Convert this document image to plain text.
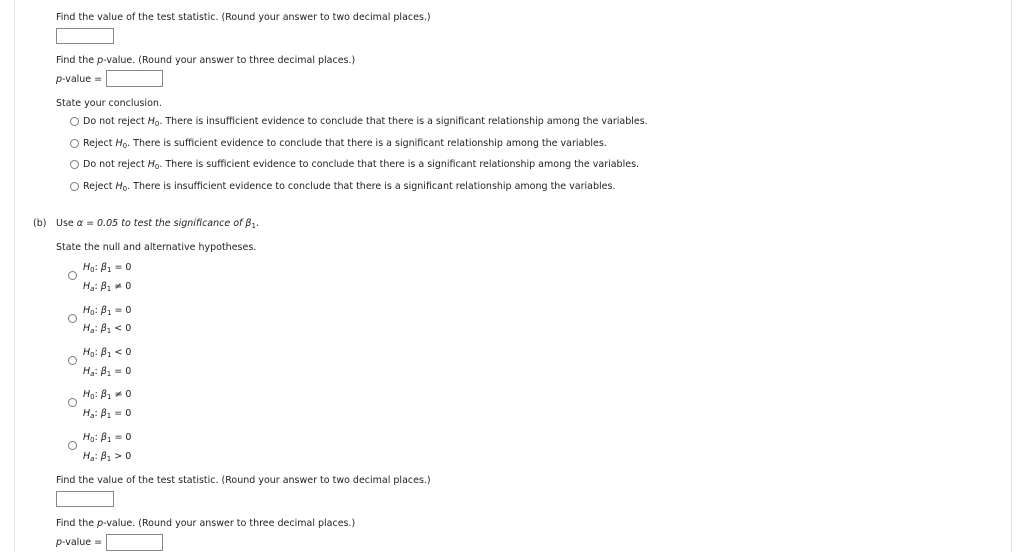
Find the value of the test statistic. (Round your answer to two decimal places.)
Find the p-value. (Round your answer to three decimal places.)
p-value =
State your conclusion.
Do not reject $H_0$. There is insufficient evidence to conclude that there is a significant relationship among the variables.
Reject $H_0$. There is sufficient evidence to conclude that there is a significant relationship among the variables.
Do not reject $H_0$. There is sufficient evidence to conclude that there is a significant relationship among the variables.
Reject $H_0$. There is insufficient evidence to conclude that there is a significant relationship among the variables.
(b) Use α = 0.05 to test the significance of $\beta_1$.
State the null and alternative hypotheses.
$H_0$: $\beta_1 = 0$
$H_a$: $\beta_1 \ne 0$
$H_0$: $\beta_1 = 0$
$H_a$: $\beta_1 < 0$
$H_0$: $\beta_1 < 0$
$H_a$: $\beta_1 = 0$
$H_0$: $\beta_1 \ne 0$
$H_a$: $\beta_1 = 0$
$H_0$: $\beta_1 = 0$
$H_a$: $\beta_1 > 0$
Find the value of the test statistic. (Round your answer to two decimal places.)
Find the p-value. (Round your answer to three decimal places.)
p-value =
